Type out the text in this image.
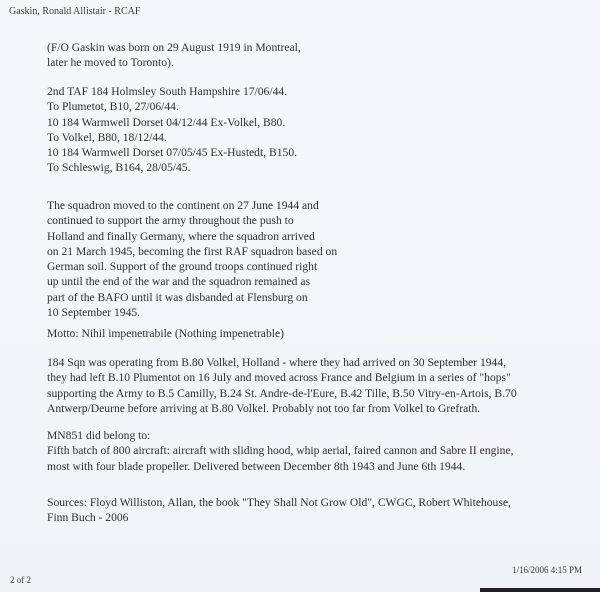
Gaskin, Ronald Allistair - RCAF
(F/O Gaskin was born on 29 August 1919 in Montreal,
later he moved to Toronto).
2nd TAF 184 Holmsley South Hampshire 17/06/44.
To Plumetot, B10, 27/06/44.
10 184 Warmwell Dorset 04/12/44 Ex-Volkel, B80.
To Volkel, B80, 18/12/44.
10 184 Warmwell Dorset 07/05/45 Ex-Hustedt, B150.
To Schleswig, B164, 28/05/45.
The squadron moved to the continent on 27 June 1944 and
continued to support the army throughout the push to
Holland and finally Germany, where the squadron arrived
on 21 March 1945, becoming the first RAF squadron based on
German soil. Support of the ground troops continued right
up until the end of the war and the squadron remained as
part of the BAFO until it was disbanded at Flensburg on
10 September 1945.
Motto: Nihil impenetrabile (Nothing impenetrable)
184 Sqn was operating from B.80 Volkel, Holland - where they had arrived on 30 September 1944,
they had left B.10 Plumentot on 16 July and moved across France and Belgium in a series of "hops"
supporting the Army to B.5 Camilly, B.24 St. Andre-de-l'Eure, B.42 Tille, B.50 Vitry-en-Artois, B.70
Antwerp/Deurne before arriving at B.80 Volkel. Probably not too far from Volkel to Grefrath.
MN851 did belong to:
Fifth batch of 800 aircraft: aircraft with sliding hood, whip aerial, faired cannon and Sabre II engine,
most with four blade propeller. Delivered between December 8th 1943 and June 6th 1944.
Sources: Floyd Williston, Allan, the book "They Shall Not Grow Old", CWGC, Robert Whitehouse,
Finn Buch - 2006
1/16/2006 4:15 PM
2 of 2
